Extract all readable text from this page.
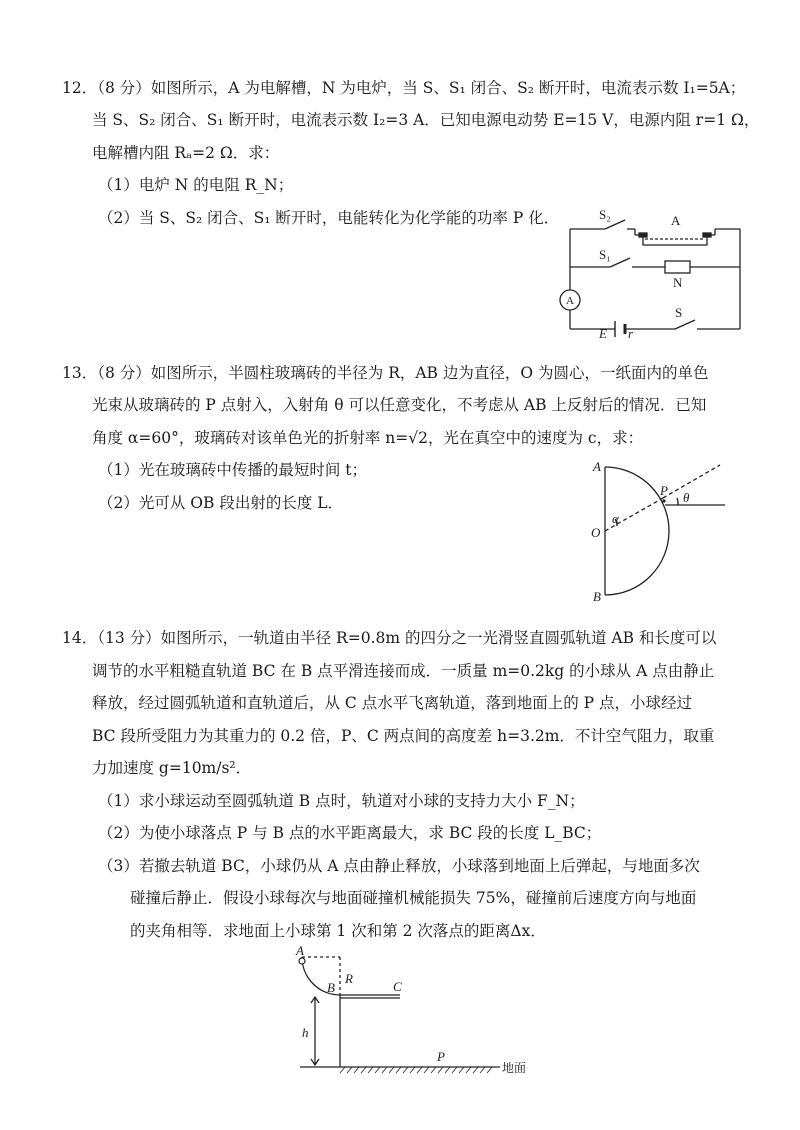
12．（8 分）如图所示，A 为电解槽，N 为电炉，当 S、S₁ 闭合、S₂ 断开时，电流表示数 I₁=5A；
当 S、S₂ 闭合、S₁ 断开时，电流表示数 I₂=3 A．已知电源电动势 E=15 V，电源内阻 r=1 Ω，
电解槽内阻 Rₐ=2 Ω．求：
（1）电炉 N 的电阻 R_N；
（2）当 S、S₂ 闭合、S₁ 断开时，电能转化为化学能的功率 P 化．	S₂	A
S₁
N
A
E r
S
13．（8 分）如图所示，半圆柱玻璃砖的半径为 R，AB 边为直径，O 为圆心，一纸面内的单色
光束从玻璃砖的 P 点射入，入射角 θ 可以任意变化，不考虑从 AB 上反射后的情况．已知
角度 α=60°，玻璃砖对该单色光的折射率 n=√2，光在真空中的速度为 c，求：
（1）光在玻璃砖中传播的最短时间 t；
（2）光可从 OB 段出射的长度 L．
A
O
B
P
α
θ
14．（13 分）如图所示，一轨道由半径 R=0.8m 的四分之一光滑竖直圆弧轨道 AB 和长度可以
调节的水平粗糙直轨道 BC 在 B 点平滑连接而成．一质量 m=0.2kg 的小球从 A 点由静止
释放，经过圆弧轨道和直轨道后，从 C 点水平飞离轨道，落到地面上的 P 点，小球经过
BC 段所受阻力为其重力的 0.2 倍，P、C 两点间的高度差 h=3.2m．不计空气阻力，取重
力加速度 g=10m/s²．
（1）求小球运动至圆弧轨道 B 点时，轨道对小球的支持力大小 F_N；
（2）为使小球落点 P 与 B 点的水平距离最大，求 BC 段的长度 L_BC；
（3）若撤去轨道 BC，小球仍从 A 点由静止释放，小球落到地面上后弹起，与地面多次
碰撞后静止．假设小球每次与地面碰撞机械能损失 75%，碰撞前后速度方向与地面
的夹角相等．求地面上小球第 1 次和第 2 次落点的距离Δx．
A
B
R
C
h
P
地面
